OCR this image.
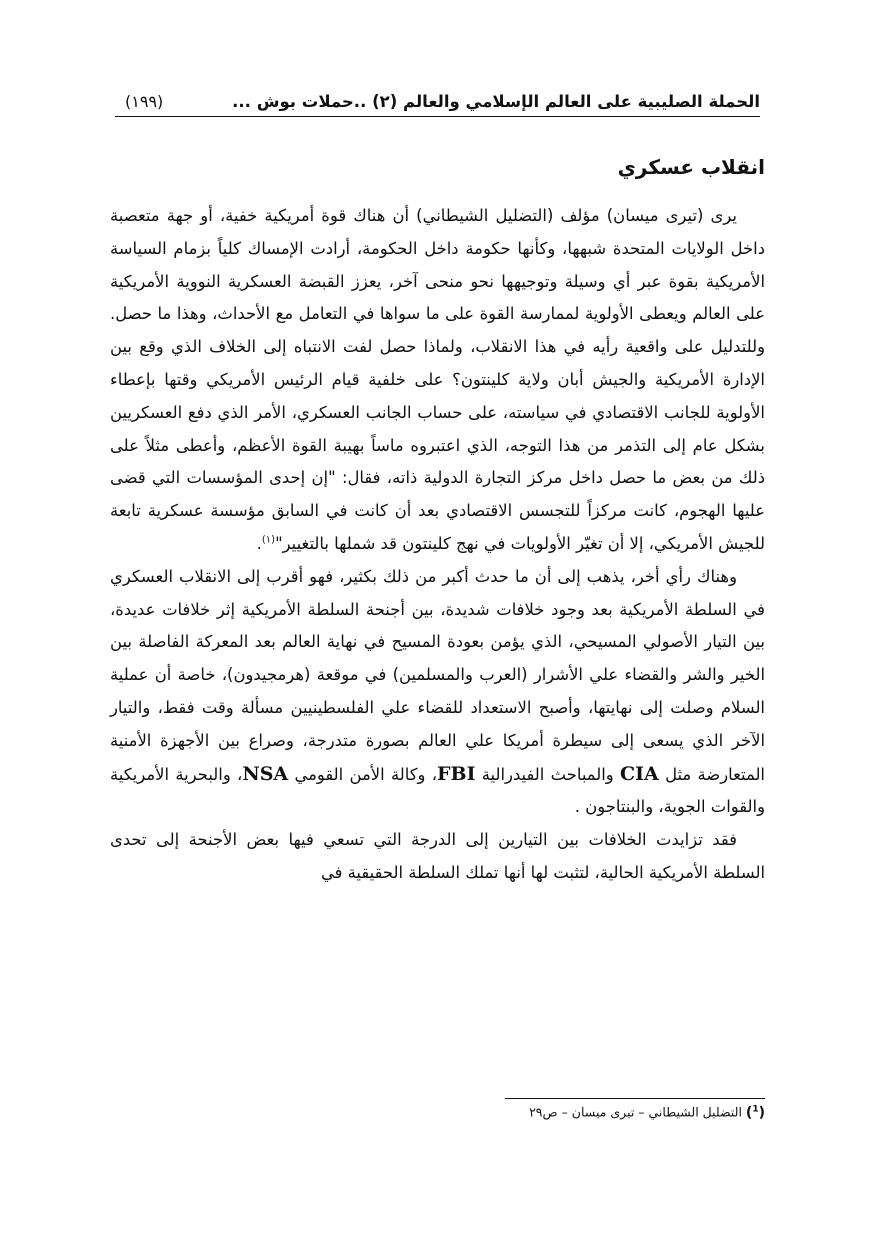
الحملة الصليبية على العالم الإسلامي والعالم (٢) ..حملات بوش ...
(١٩٩)
انقلاب عسكري

يرى (تيرى ميسان) مؤلف (التضليل الشيطاني) أن هناك قوة أمريكية خفية، أو جهة متعصبة داخل الولايات المتحدة شبهها، وكأنها حكومة داخل الحكومة، أرادت الإمساك كلياً بزمام السياسة الأمريكية بقوة عبر أي وسيلة وتوجيهها نحو منحى آخر، يعزز القبضة العسكرية النووية الأمريكية على العالم ويعطى الأولوية لممارسة القوة على ما سواها في التعامل مع الأحداث، وهذا ما حصل. وللتدليل على واقعية رأيه في هذا الانقلاب، ولماذا حصل لفت الانتباه إلى الخلاف الذي وقع بين الإدارة الأمريكية والجيش أبان ولاية كلينتون؟ على خلفية قيام الرئيس الأمريكي وقتها بإعطاء الأولوية للجانب الاقتصادي في سياسته، على حساب الجانب العسكري، الأمر الذي دفع العسكريين بشكل عام إلى التذمر من هذا التوجه، الذي اعتبروه ماساً بهيبة القوة الأعظم، وأعطى مثلاً على ذلك من بعض ما حصل داخل مركز التجارة الدولية ذاته، فقال: "إن إحدى المؤسسات التي قضى عليها الهجوم، كانت مركزاً للتجسس الاقتصادي بعد أن كانت في السابق مؤسسة عسكرية تابعة للجيش الأمريكي، إلا أن تغيّر الأولويات في نهج كلينتون قد شملها بالتغيير"$^{(١)}$.

وهناك رأي أخر، يذهب إلى أن ما حدث أكبر من ذلك بكثير، فهو أقرب إلى الانقلاب العسكري في السلطة الأمريكية بعد وجود خلافات شديدة، بين أجنحة السلطة الأمريكية إثر خلافات عديدة، بين التيار الأصولي المسيحي، الذي يؤمن بعودة المسيح في نهاية العالم بعد المعركة الفاصلة بين الخير والشر والقضاء علي الأشرار (العرب والمسلمين) في موقعة (هرمجيدون)، خاصة أن عملية السلام وصلت إلى نهايتها، وأصبح الاستعداد للقضاء علي الفلسطينيين مسألة وقت فقط، والتيار الآخر الذي يسعى إلى سيطرة أمريكا علي العالم بصورة متدرجة، وصراع بين الأجهزة الأمنية المتعارضة مثل CIA والمباحث الفيدرالية FBI، وكالة الأمن القومي NSA، والبحرية الأمريكية والقوات الجوية، والبنتاجون .

فقد تزايدت الخلافات بين التيارين إلى الدرجة التي تسعي فيها بعض الأجنحة إلى تحدى السلطة الأمريكية الحالية، لتثبت لها أنها تملك السلطة الحقيقية في

($^1$) التضليل الشيطاني – تيرى ميسان – ص٢٩
